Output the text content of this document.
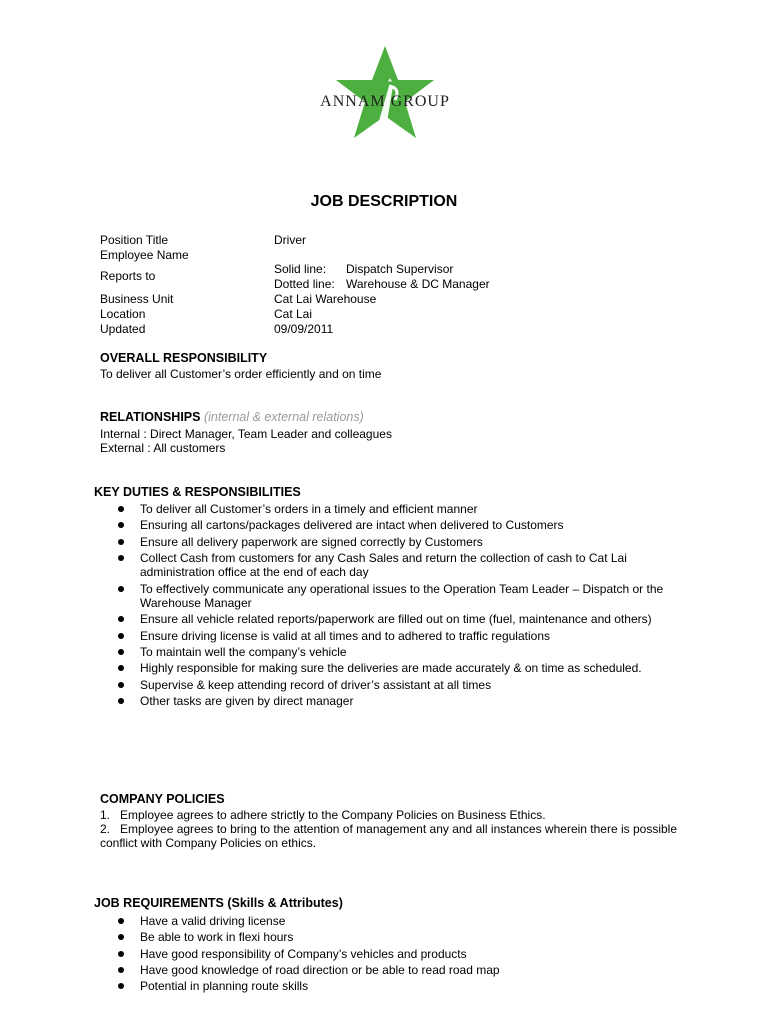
ANNAM GROUP
JOB DESCRIPTION
Position Title	Driver
Employee Name
Reports to	Solid line: Dispatch Supervisor
Dotted line: Warehouse & DC Manager
Business Unit	Cat Lai Warehouse
Location	Cat Lai
Updated	09/09/2011
OVERALL RESPONSIBILITY
To deliver all Customer’s order efficiently and on time
RELATIONSHIPS (internal & external relations)
Internal : Direct Manager, Team Leader and colleagues
External : All customers
KEY DUTIES & RESPONSIBILITIES
To deliver all Customer’s orders in a timely and efficient manner
Ensuring all cartons/packages delivered are intact when delivered to Customers
Ensure all delivery paperwork are signed correctly by Customers
Collect Cash from customers for any Cash Sales and return the collection of cash to Cat Lai administration office at the end of each day
To effectively communicate any operational issues to the Operation Team Leader – Dispatch or the Warehouse Manager
Ensure all vehicle related reports/paperwork are filled out on time (fuel, maintenance and others)
Ensure driving license is valid at all times and to adhered to traffic regulations
To maintain well the company’s vehicle
Highly responsible for making sure the deliveries are made accurately & on time as scheduled.
Supervise & keep attending record of driver’s assistant at all times
Other tasks are given by direct manager
COMPANY POLICIES
1. Employee agrees to adhere strictly to the Company Policies on Business Ethics.
2. Employee agrees to bring to the attention of management any and all instances wherein there is possible conflict with Company Policies on ethics.
JOB REQUIREMENTS (Skills & Attributes)
Have a valid driving license
Be able to work in flexi hours
Have good responsibility of Company’s vehicles and products
Have good knowledge of road direction or be able to read road map
Potential in planning route skills
